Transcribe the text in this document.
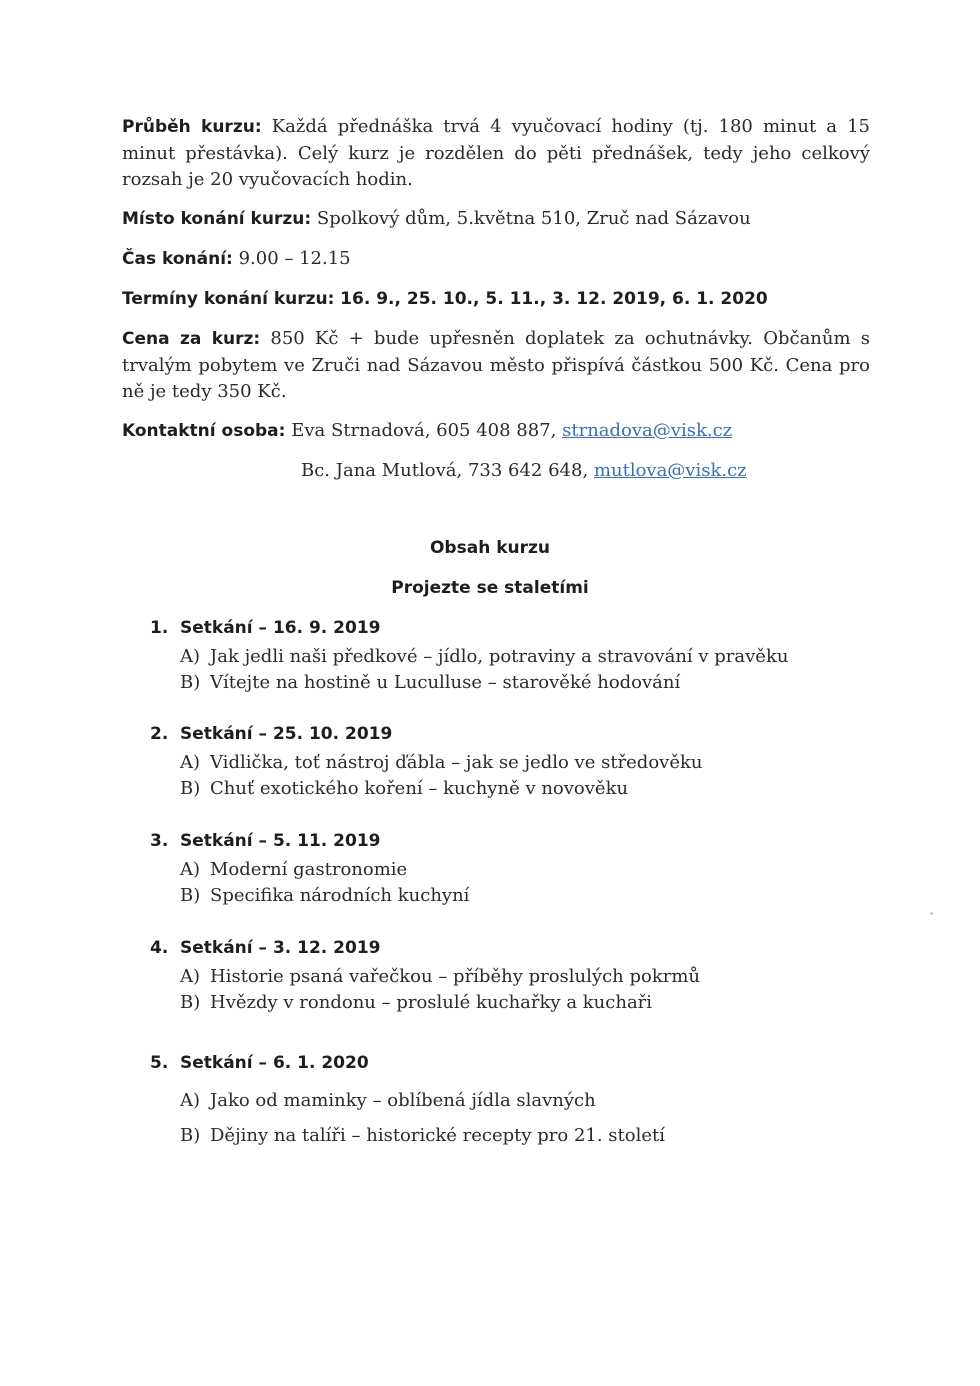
Průběh kurzu: Každá přednáška trvá 4 vyučovací hodiny (tj. 180 minut a 15 minut přestávka). Celý kurz je rozdělen do pěti přednášek, tedy jeho celkový rozsah je 20 vyučovacích hodin.

Místo konání kurzu: Spolkový dům, 5.května 510, Zruč nad Sázavou

Čas konání: 9.00 – 12.15

Termíny konání kurzu: 16. 9., 25. 10., 5. 11., 3. 12. 2019, 6. 1. 2020

Cena za kurz: 850 Kč + bude upřesněn doplatek za ochutnávky. Občanům s trvalým pobytem ve Zruči nad Sázavou město přispívá částkou 500 Kč. Cena pro ně je tedy 350 Kč.

Kontaktní osoba: Eva Strnadová, 605 408 887, strnadova@visk.cz

Bc. Jana Mutlová, 733 642 648, mutlova@visk.cz
Obsah kurzu
Projezte se staletími
1. Setkání – 16. 9. 2019
A) Jak jedli naši předkové – jídlo, potraviny a stravování v pravěku
B) Vítejte na hostině u Luculluse – starověké hodování
2. Setkání – 25. 10. 2019
A) Vidlička, toť nástroj ďábla – jak se jedlo ve středověku
B) Chuť exotického koření – kuchyně v novověku
3. Setkání – 5. 11. 2019
A) Moderní gastronomie
B) Specifika národních kuchyní
4. Setkání – 3. 12. 2019
A) Historie psaná vařečkou – příběhy proslulých pokrmů
B) Hvězdy v rondonu – proslulé kuchařky a kuchaři
5. Setkání – 6. 1. 2020
A) Jako od maminky – oblíbená jídla slavných
B) Dějiny na talíři – historické recepty pro 21. století
